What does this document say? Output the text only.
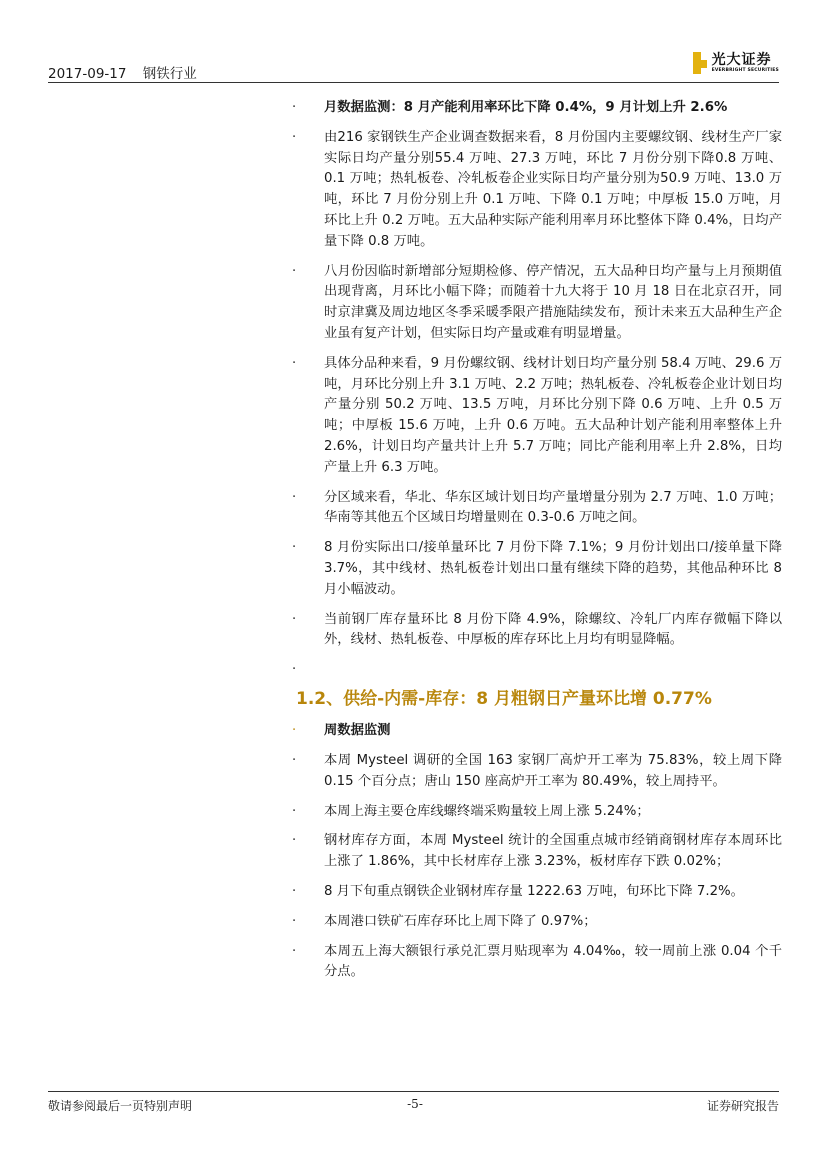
2017-09-17 钢铁行业
光大证券
EVERBRIGHT SECURITIES
·	月数据监测：8 月产能利用率环比下降 0.4%，9 月计划上升 2.6%
·	由216 家钢铁生产企业调查数据来看，8 月份国内主要螺纹钢、线材生产厂家实际日均产量分别55.4 万吨、27.3 万吨，环比 7 月份分别下降0.8 万吨、0.1 万吨；热轧板卷、冷轧板卷企业实际日均产量分别为50.9 万吨、13.0 万吨，环比 7 月份分别上升 0.1 万吨、下降 0.1 万吨；中厚板 15.0 万吨，月环比上升 0.2 万吨。五大品种实际产能利用率月环比整体下降 0.4%，日均产量下降 0.8 万吨。
·	八月份因临时新增部分短期检修、停产情况，五大品种日均产量与上月预期值出现背离，月环比小幅下降；而随着十九大将于 10 月 18 日在北京召开，同时京津冀及周边地区冬季采暖季限产措施陆续发布，预计未来五大品种生产企业虽有复产计划，但实际日均产量或难有明显增量。
·	具体分品种来看，9 月份螺纹钢、线材计划日均产量分别 58.4 万吨、29.6 万吨，月环比分别上升 3.1 万吨、2.2 万吨；热轧板卷、冷轧板卷企业计划日均产量分别 50.2 万吨、13.5 万吨，月环比分别下降 0.6 万吨、上升 0.5 万吨；中厚板 15.6 万吨，上升 0.6 万吨。五大品种计划产能利用率整体上升 2.6%，计划日均产量共计上升 5.7 万吨；同比产能利用率上升 2.8%，日均产量上升 6.3 万吨。
·	分区域来看，华北、华东区域计划日均产量增量分别为 2.7 万吨、1.0 万吨；华南等其他五个区域日均增量则在 0.3-0.6 万吨之间。
·	8 月份实际出口/接单量环比 7 月份下降 7.1%；9 月份计划出口/接单量下降 3.7%，其中线材、热轧板卷计划出口量有继续下降的趋势，其他品种环比 8 月小幅波动。
·	当前钢厂库存量环比 8 月份下降 4.9%，除螺纹、冷轧厂内库存微幅下降以外，线材、热轧板卷、中厚板的库存环比上月均有明显降幅。
·
1.2、供给-内需-库存：8 月粗钢日产量环比增 0.77%
·	周数据监测
·	本周 Mysteel 调研的全国 163 家钢厂高炉开工率为 75.83%，较上周下降 0.15 个百分点；唐山 150 座高炉开工率为 80.49%，较上周持平。
·	本周上海主要仓库线螺终端采购量较上周上涨 5.24%；
·	钢材库存方面，本周 Mysteel 统计的全国重点城市经销商钢材库存本周环比上涨了 1.86%，其中长材库存上涨 3.23%，板材库存下跌 0.02%；
·	8 月下旬重点钢铁企业钢材库存量 1222.63 万吨，旬环比下降 7.2%。
·	本周港口铁矿石库存环比上周下降了 0.97%；
·	本周五上海大额银行承兑汇票月贴现率为 4.04‰，较一周前上涨 0.04 个千分点。
敬请参阅最后一页特别声明	-5-	证券研究报告
